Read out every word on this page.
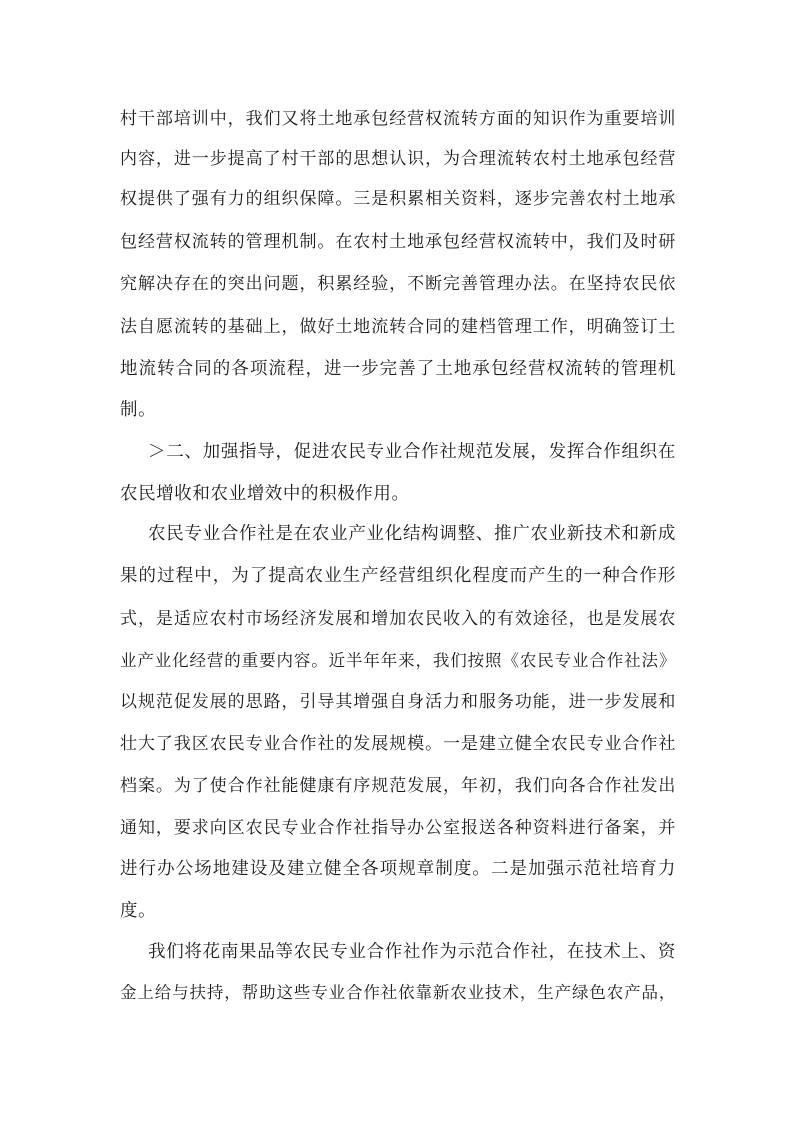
村干部培训中，我们又将土地承包经营权流转方面的知识作为重要培训
内容，进一步提高了村干部的思想认识，为合理流转农村土地承包经营
权提供了强有力的组织保障。三是积累相关资料，逐步完善农村土地承
包经营权流转的管理机制。在农村土地承包经营权流转中，我们及时研
究解决存在的突出问题，积累经验，不断完善管理办法。在坚持农民依
法自愿流转的基础上，做好土地流转合同的建档管理工作，明确签订土
地流转合同的各项流程，进一步完善了土地承包经营权流转的管理机
制。
＞二、加强指导，促进农民专业合作社规范发展，发挥合作组织在
农民增收和农业增效中的积极作用。
农民专业合作社是在农业产业化结构调整、推广农业新技术和新成
果的过程中，为了提高农业生产经营组织化程度而产生的一种合作形
式，是适应农村市场经济发展和增加农民收入的有效途径，也是发展农
业产业化经营的重要内容。近半年年来，我们按照《农民专业合作社法》
以规范促发展的思路，引导其增强自身活力和服务功能，进一步发展和
壮大了我区农民专业合作社的发展规模。一是建立健全农民专业合作社
档案。为了使合作社能健康有序规范发展，年初，我们向各合作社发出
通知，要求向区农民专业合作社指导办公室报送各种资料进行备案，并
进行办公场地建设及建立健全各项规章制度。二是加强示范社培育力
度。
我们将花南果品等农民专业合作社作为示范合作社，在技术上、资
金上给与扶持，帮助这些专业合作社依靠新农业技术，生产绿色农产品，
